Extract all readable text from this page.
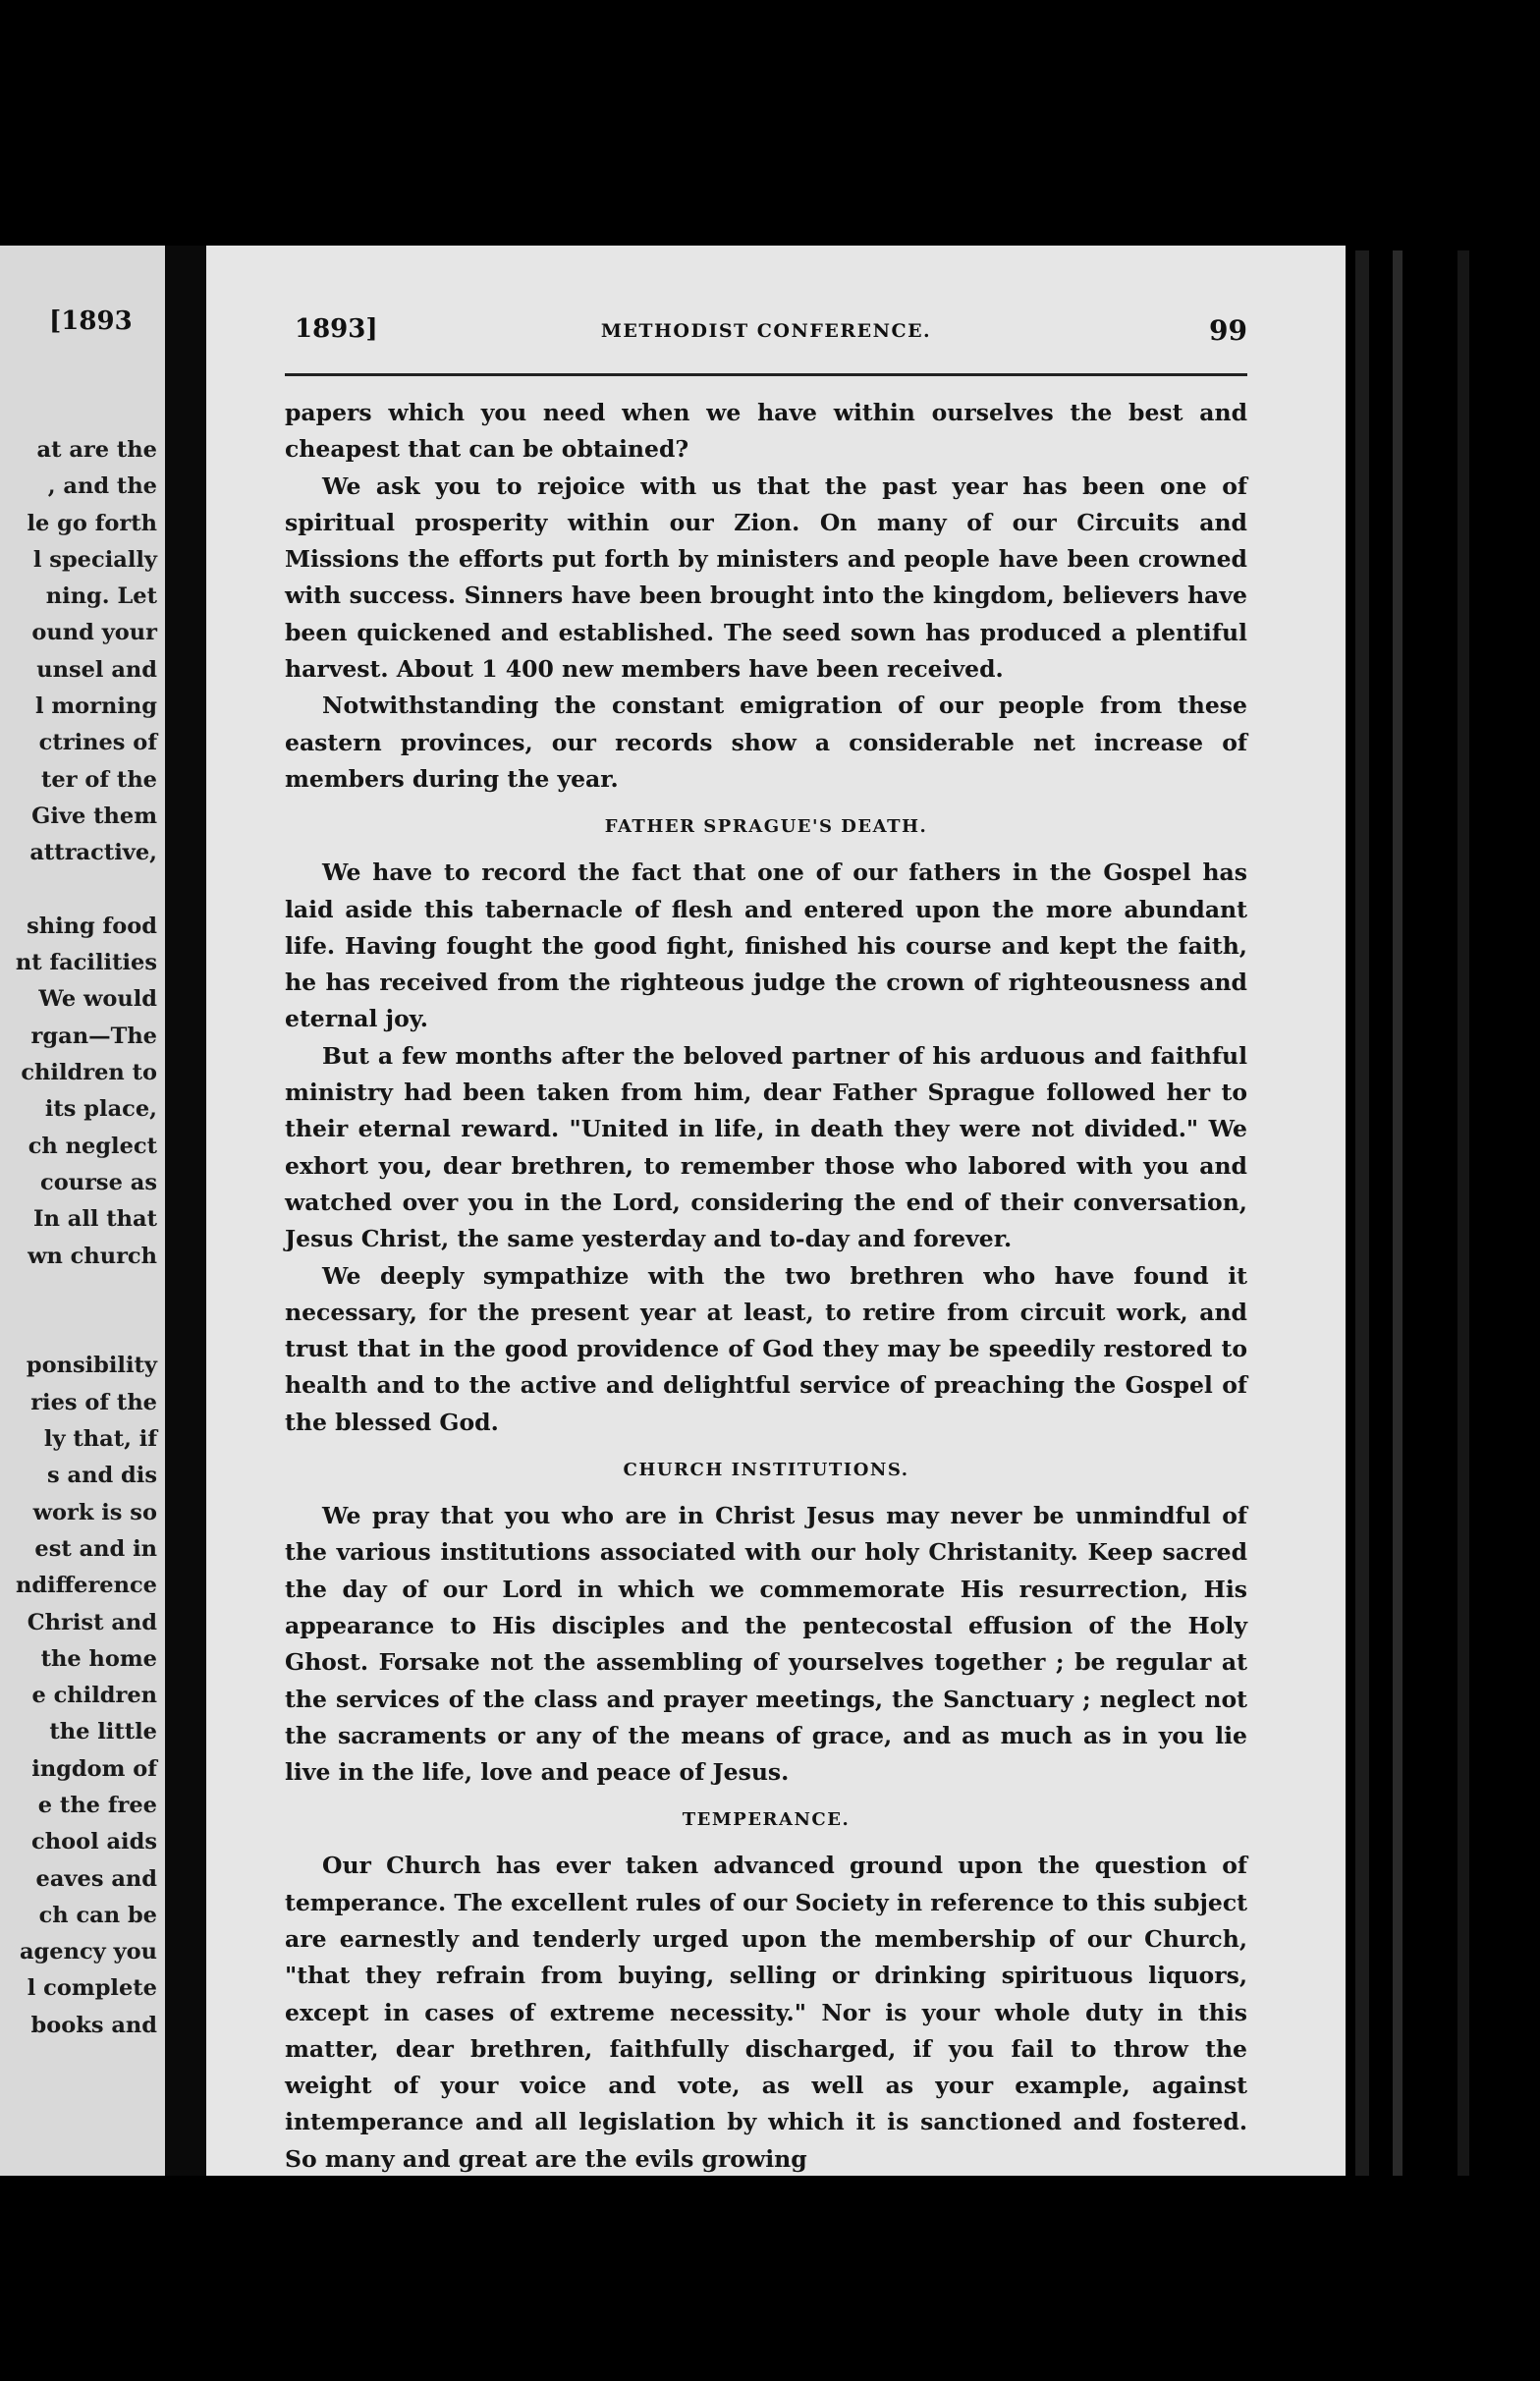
[1893
at are the
, and the
le go forth
l specially
ning. Let
ound your
unsel and
l morning
ctrines of
ter of the
Give them
attractive,
shing food
nt facilities
We would
rgan—The
children to
its place,
ch neglect
course as
In all that
wn church
ponsibility
ries of the
ly that, if
s and dis
work is so
est and in
ndifference
Christ and
the home
e children
the little
ingdom of
e the free
chool aids
eaves and
ch can be
agency you
l complete
books and
1893]	METHODIST CONFERENCE.	99

papers which you need when we have within ourselves the best and cheapest that can be obtained?

We ask you to rejoice with us that the past year has been one of spiritual prosperity within our Zion. On many of our Circuits and Missions the efforts put forth by ministers and people have been crowned with success. Sinners have been brought into the kingdom, believers have been quickened and established. The seed sown has produced a plentiful harvest. About 1 400 new members have been received.

Notwithstanding the constant emigration of our people from these eastern provinces, our records show a considerable net increase of members during the year.

FATHER SPRAGUE'S DEATH.

We have to record the fact that one of our fathers in the Gospel has laid aside this tabernacle of flesh and entered upon the more abundant life. Having fought the good fight, finished his course and kept the faith, he has received from the righteous judge the crown of righteousness and eternal joy.

But a few months after the beloved partner of his arduous and faithful ministry had been taken from him, dear Father Sprague followed her to their eternal reward. "United in life, in death they were not divided." We exhort you, dear brethren, to remember those who labored with you and watched over you in the Lord, considering the end of their conversation, Jesus Christ, the same yesterday and to-day and forever.

We deeply sympathize with the two brethren who have found it necessary, for the present year at least, to retire from circuit work, and trust that in the good providence of God they may be speedily restored to health and to the active and delightful service of preaching the Gospel of the blessed God.

CHURCH INSTITUTIONS.

We pray that you who are in Christ Jesus may never be unmindful of the various institutions associated with our holy Christanity. Keep sacred the day of our Lord in which we commemorate His resurrection, His appearance to His disciples and the pentecostal effusion of the Holy Ghost. Forsake not the assembling of yourselves together ; be regular at the services of the class and prayer meetings, the Sanctuary ; neglect not the sacraments or any of the means of grace, and as much as in you lie live in the life, love and peace of Jesus.

TEMPERANCE.

Our Church has ever taken advanced ground upon the question of temperance. The excellent rules of our Society in reference to this subject are earnestly and tenderly urged upon the membership of our Church, "that they refrain from buying, selling or drinking spirituous liquors, except in cases of extreme necessity." Nor is your whole duty in this matter, dear brethren, faithfully discharged, if you fail to throw the weight of your voice and vote, as well as your example, against intemperance and all legislation by which it is sanctioned and fostered. So many and great are the evils growing
